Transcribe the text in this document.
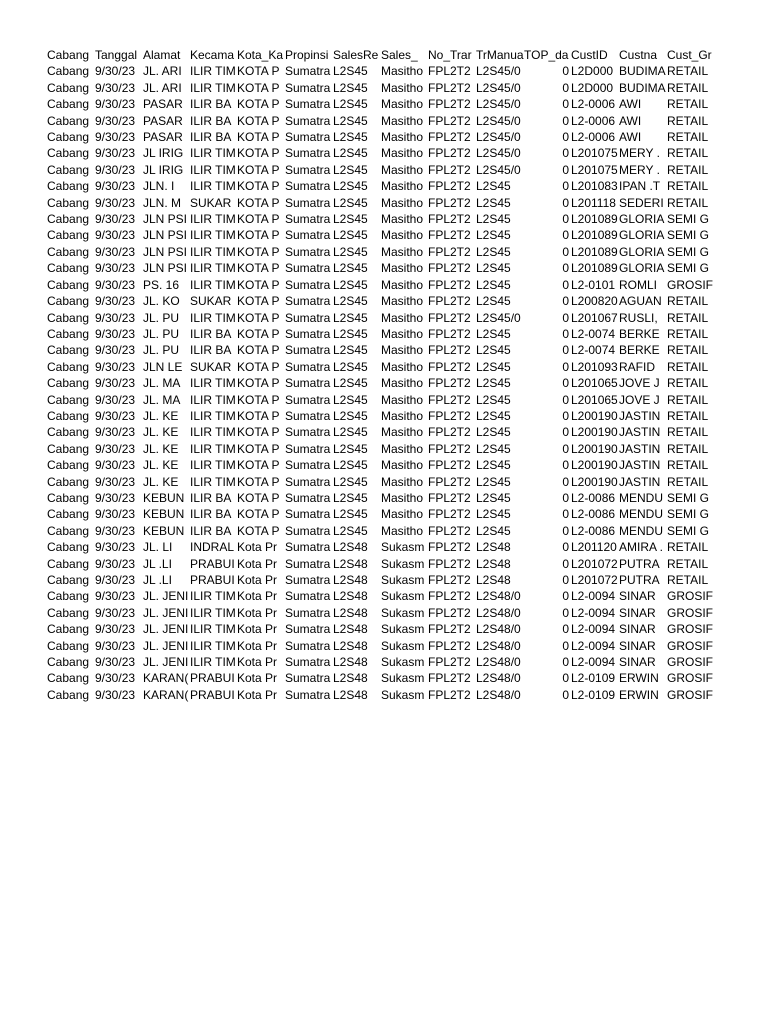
Cabang	Tanggal	Alamat	Kecama	Kota_Ka	Propinsi	SalesRe	Sales_	No_Trar	TrManua	TOP_da	CustID	Custna	Cust_Gr
Cabang	9/30/23	JL. ARI	ILIR TIM	KOTA P	Sumatra	L2S45	Masitho	FPL2T2	L2S45/0	0	L2D000	BUDIMA	RETAIL
Cabang	9/30/23	JL. ARI	ILIR TIM	KOTA P	Sumatra	L2S45	Masitho	FPL2T2	L2S45/0	0	L2D000	BUDIMA	RETAIL
Cabang	9/30/23	PASAR	ILIR BA	KOTA P	Sumatra	L2S45	Masitho	FPL2T2	L2S45/0	0	L2-0006	AWI	RETAIL
Cabang	9/30/23	PASAR	ILIR BA	KOTA P	Sumatra	L2S45	Masitho	FPL2T2	L2S45/0	0	L2-0006	AWI	RETAIL
Cabang	9/30/23	PASAR	ILIR BA	KOTA P	Sumatra	L2S45	Masitho	FPL2T2	L2S45/0	0	L2-0006	AWI	RETAIL
Cabang	9/30/23	JL IRIG	ILIR TIM	KOTA P	Sumatra	L2S45	Masitho	FPL2T2	L2S45/0	0	L201075	MERY .	RETAIL
Cabang	9/30/23	JL IRIG	ILIR TIM	KOTA P	Sumatra	L2S45	Masitho	FPL2T2	L2S45/0	0	L201075	MERY .	RETAIL
Cabang	9/30/23	JLN. I	ILIR TIM	KOTA P	Sumatra	L2S45	Masitho	FPL2T2	L2S45	0	L201083	IPAN .T	RETAIL
Cabang	9/30/23	JLN. M	SUKAR	KOTA P	Sumatra	L2S45	Masitho	FPL2T2	L2S45	0	L201118	SEDERI	RETAIL
Cabang	9/30/23	JLN PSI	ILIR TIM	KOTA P	Sumatra	L2S45	Masitho	FPL2T2	L2S45	0	L201089	GLORIA	SEMI G
Cabang	9/30/23	JLN PSI	ILIR TIM	KOTA P	Sumatra	L2S45	Masitho	FPL2T2	L2S45	0	L201089	GLORIA	SEMI G
Cabang	9/30/23	JLN PSI	ILIR TIM	KOTA P	Sumatra	L2S45	Masitho	FPL2T2	L2S45	0	L201089	GLORIA	SEMI G
Cabang	9/30/23	JLN PSI	ILIR TIM	KOTA P	Sumatra	L2S45	Masitho	FPL2T2	L2S45	0	L201089	GLORIA	SEMI G
Cabang	9/30/23	PS. 16	ILIR TIM	KOTA P	Sumatra	L2S45	Masitho	FPL2T2	L2S45	0	L2-0101	ROMLI	GROSIF
Cabang	9/30/23	JL. KO	SUKAR	KOTA P	Sumatra	L2S45	Masitho	FPL2T2	L2S45	0	L200820	AGUAN	RETAIL
Cabang	9/30/23	JL. PU	ILIR TIM	KOTA P	Sumatra	L2S45	Masitho	FPL2T2	L2S45/0	0	L201067	RUSLI,	RETAIL
Cabang	9/30/23	JL. PU	ILIR BA	KOTA P	Sumatra	L2S45	Masitho	FPL2T2	L2S45	0	L2-0074	BERKE	RETAIL
Cabang	9/30/23	JL. PU	ILIR BA	KOTA P	Sumatra	L2S45	Masitho	FPL2T2	L2S45	0	L2-0074	BERKE	RETAIL
Cabang	9/30/23	JLN LE	SUKAR	KOTA P	Sumatra	L2S45	Masitho	FPL2T2	L2S45	0	L201093	RAFID	RETAIL
Cabang	9/30/23	JL. MA	ILIR TIM	KOTA P	Sumatra	L2S45	Masitho	FPL2T2	L2S45	0	L201065	JOVE J	RETAIL
Cabang	9/30/23	JL. MA	ILIR TIM	KOTA P	Sumatra	L2S45	Masitho	FPL2T2	L2S45	0	L201065	JOVE J	RETAIL
Cabang	9/30/23	JL. KE	ILIR TIM	KOTA P	Sumatra	L2S45	Masitho	FPL2T2	L2S45	0	L200190	JASTIN	RETAIL
Cabang	9/30/23	JL. KE	ILIR TIM	KOTA P	Sumatra	L2S45	Masitho	FPL2T2	L2S45	0	L200190	JASTIN	RETAIL
Cabang	9/30/23	JL. KE	ILIR TIM	KOTA P	Sumatra	L2S45	Masitho	FPL2T2	L2S45	0	L200190	JASTIN	RETAIL
Cabang	9/30/23	JL. KE	ILIR TIM	KOTA P	Sumatra	L2S45	Masitho	FPL2T2	L2S45	0	L200190	JASTIN	RETAIL
Cabang	9/30/23	JL. KE	ILIR TIM	KOTA P	Sumatra	L2S45	Masitho	FPL2T2	L2S45	0	L200190	JASTIN	RETAIL
Cabang	9/30/23	KEBUN	ILIR BA	KOTA P	Sumatra	L2S45	Masitho	FPL2T2	L2S45	0	L2-0086	MENDU	SEMI G
Cabang	9/30/23	KEBUN	ILIR BA	KOTA P	Sumatra	L2S45	Masitho	FPL2T2	L2S45	0	L2-0086	MENDU	SEMI G
Cabang	9/30/23	KEBUN	ILIR BA	KOTA P	Sumatra	L2S45	Masitho	FPL2T2	L2S45	0	L2-0086	MENDU	SEMI G
Cabang	9/30/23	JL. LI	INDRAL	Kota Pr	Sumatra	L2S48	Sukasm	FPL2T2	L2S48	0	L201120	AMIRA .	RETAIL
Cabang	9/30/23	JL .LI	PRABUI	Kota Pr	Sumatra	L2S48	Sukasm	FPL2T2	L2S48	0	L201072	PUTRA	RETAIL
Cabang	9/30/23	JL .LI	PRABUI	Kota Pr	Sumatra	L2S48	Sukasm	FPL2T2	L2S48	0	L201072	PUTRA	RETAIL
Cabang	9/30/23	JL. JENI	ILIR TIM	Kota Pr	Sumatra	L2S48	Sukasm	FPL2T2	L2S48/0	0	L2-0094	SINAR	GROSIF
Cabang	9/30/23	JL. JENI	ILIR TIM	Kota Pr	Sumatra	L2S48	Sukasm	FPL2T2	L2S48/0	0	L2-0094	SINAR	GROSIF
Cabang	9/30/23	JL. JENI	ILIR TIM	Kota Pr	Sumatra	L2S48	Sukasm	FPL2T2	L2S48/0	0	L2-0094	SINAR	GROSIF
Cabang	9/30/23	JL. JENI	ILIR TIM	Kota Pr	Sumatra	L2S48	Sukasm	FPL2T2	L2S48/0	0	L2-0094	SINAR	GROSIF
Cabang	9/30/23	JL. JENI	ILIR TIM	Kota Pr	Sumatra	L2S48	Sukasm	FPL2T2	L2S48/0	0	L2-0094	SINAR	GROSIF
Cabang	9/30/23	KARAN(	PRABUI	Kota Pr	Sumatra	L2S48	Sukasm	FPL2T2	L2S48/0	0	L2-0109	ERWIN	GROSIF
Cabang	9/30/23	KARAN(	PRABUI	Kota Pr	Sumatra	L2S48	Sukasm	FPL2T2	L2S48/0	0	L2-0109	ERWIN	GROSIF
